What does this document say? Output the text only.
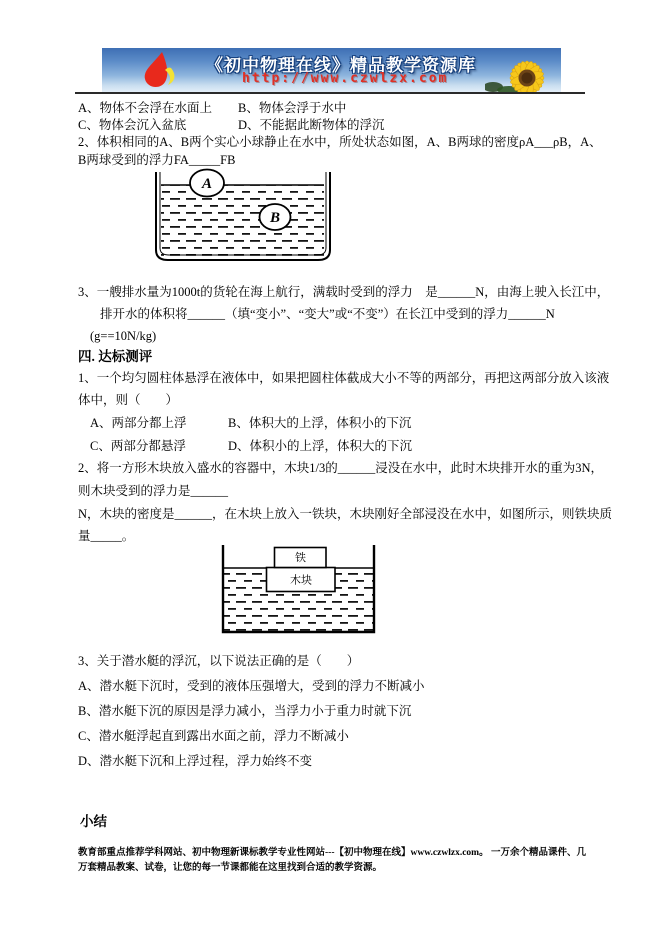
《初中物理在线》精品教学资源库
http://www.czwlzx.com

A、物体不会浮在水面上 B、物体会浮于水中

C、物体会沉入盆底	D、不能据此断物体的浮沉

2、体积相同的A、B两个实心小球静止在水中，所处状态如图，A、B两球的密度ρA___ρB，A、

B两球受到的浮力FA_____FB

A
B

3、一艘排水量为1000t的货轮在海上航行，满载时受到的浮力    是______N，由海上驶入长江中，

排开水的体积将______（填“变小”、“变大”或“不变”）在长江中受到的浮力______N

(g==10N/kg)

四. 达标测评

1、一个均匀圆柱体悬浮在液体中，如果把圆柱体截成大小不等的两部分，再把这两部分放入该液

体中，则（　　）

A、两部分都上浮	B、体积大的上浮，体积小的下沉

C、两部分都悬浮	D、体积小的上浮，体积大的下沉

2、将一方形木块放入盛水的容器中，木块1/3的______浸没在水中，此时木块排开水的重为3N，

则木块受到的浮力是______

N，木块的密度是______，在木块上放入一铁块，木块刚好全部浸没在水中，如图所示，则铁块质

量_____。

铁
木块

3、关于潜水艇的浮沉，以下说法正确的是（　　）

A、潜水艇下沉时，受到的液体压强增大，受到的浮力不断减小

B、潜水艇下沉的原因是浮力减小，当浮力小于重力时就下沉

C、潜水艇浮起直到露出水面之前，浮力不断减小

D、潜水艇下沉和上浮过程，浮力始终不变

小结

教育部重点推荐学科网站、初中物理新课标教学专业性网站---【初中物理在线】www.czwlzx.com。 一万余个精品课件、几万套精品教案、试卷，让您的每一节课都能在这里找到合适的教学资源。
